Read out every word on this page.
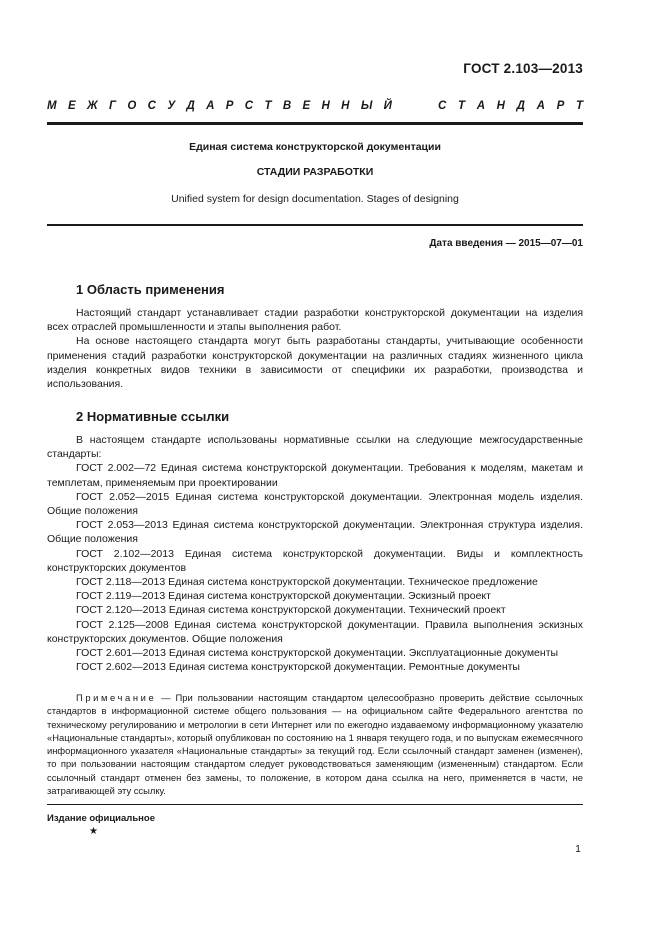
ГОСТ 2.103—2013
М Е Ж Г О С У Д А Р С Т В Е Н Н Ы Й	С Т А Н Д А Р Т
Единая система конструкторской документации
СТАДИИ РАЗРАБОТКИ
Unified system for design documentation. Stages of designing
Дата введения — 2015—07—01
1 Область применения

Настоящий стандарт устанавливает стадии разработки конструкторской документации на изделия всех отраслей промышленности и этапы выполнения работ.

На основе настоящего стандарта могут быть разработаны стандарты, учитывающие особенности применения стадий разработки конструкторской документации на различных стадиях жизненного цикла изделия конкретных видов техники в зависимости от специфики их разработки, производства и использования.

2 Нормативные ссылки

В настоящем стандарте использованы нормативные ссылки на следующие межгосударственные стандарты:

ГОСТ 2.002—72 Единая система конструкторской документации. Требования к моделям, макетам и темплетам, применяемым при проектировании

ГОСТ 2.052—2015 Единая система конструкторской документации. Электронная модель изделия. Общие положения

ГОСТ 2.053—2013 Единая система конструкторской документации. Электронная структура изделия. Общие положения

ГОСТ 2.102—2013 Единая система конструкторской документации. Виды и комплектность конструкторских документов

ГОСТ 2.118—2013 Единая система конструкторской документации. Техническое предложение

ГОСТ 2.119—2013 Единая система конструкторской документации. Эскизный проект

ГОСТ 2.120—2013 Единая система конструкторской документации. Технический проект

ГОСТ 2.125—2008 Единая система конструкторской документации. Правила выполнения эскизных конструкторских документов. Общие положения

ГОСТ 2.601—2013 Единая система конструкторской документации. Эксплуатационные документы

ГОСТ 2.602—2013 Единая система конструкторской документации. Ремонтные документы

Примечание — При пользовании настоящим стандартом целесообразно проверить действие ссылочных стандартов в информационной системе общего пользования — на официальном сайте Федерального агентства по техническому регулированию и метрологии в сети Интернет или по ежегодно издаваемому информационному указателю «Национальные стандарты», который опубликован по состоянию на 1 января текущего года, и по выпускам ежемесячного информационного указателя «Национальные стандарты» за текущий год. Если ссылочный стандарт заменен (изменен), то при пользовании настоящим стандартом следует руководствоваться заменяющим (измененным) стандартом. Если ссылочный стандарт отменен без замены, то положение, в котором дана ссылка на него, применяется в части, не затрагивающей эту ссылку.

Издание официальное
★
1
